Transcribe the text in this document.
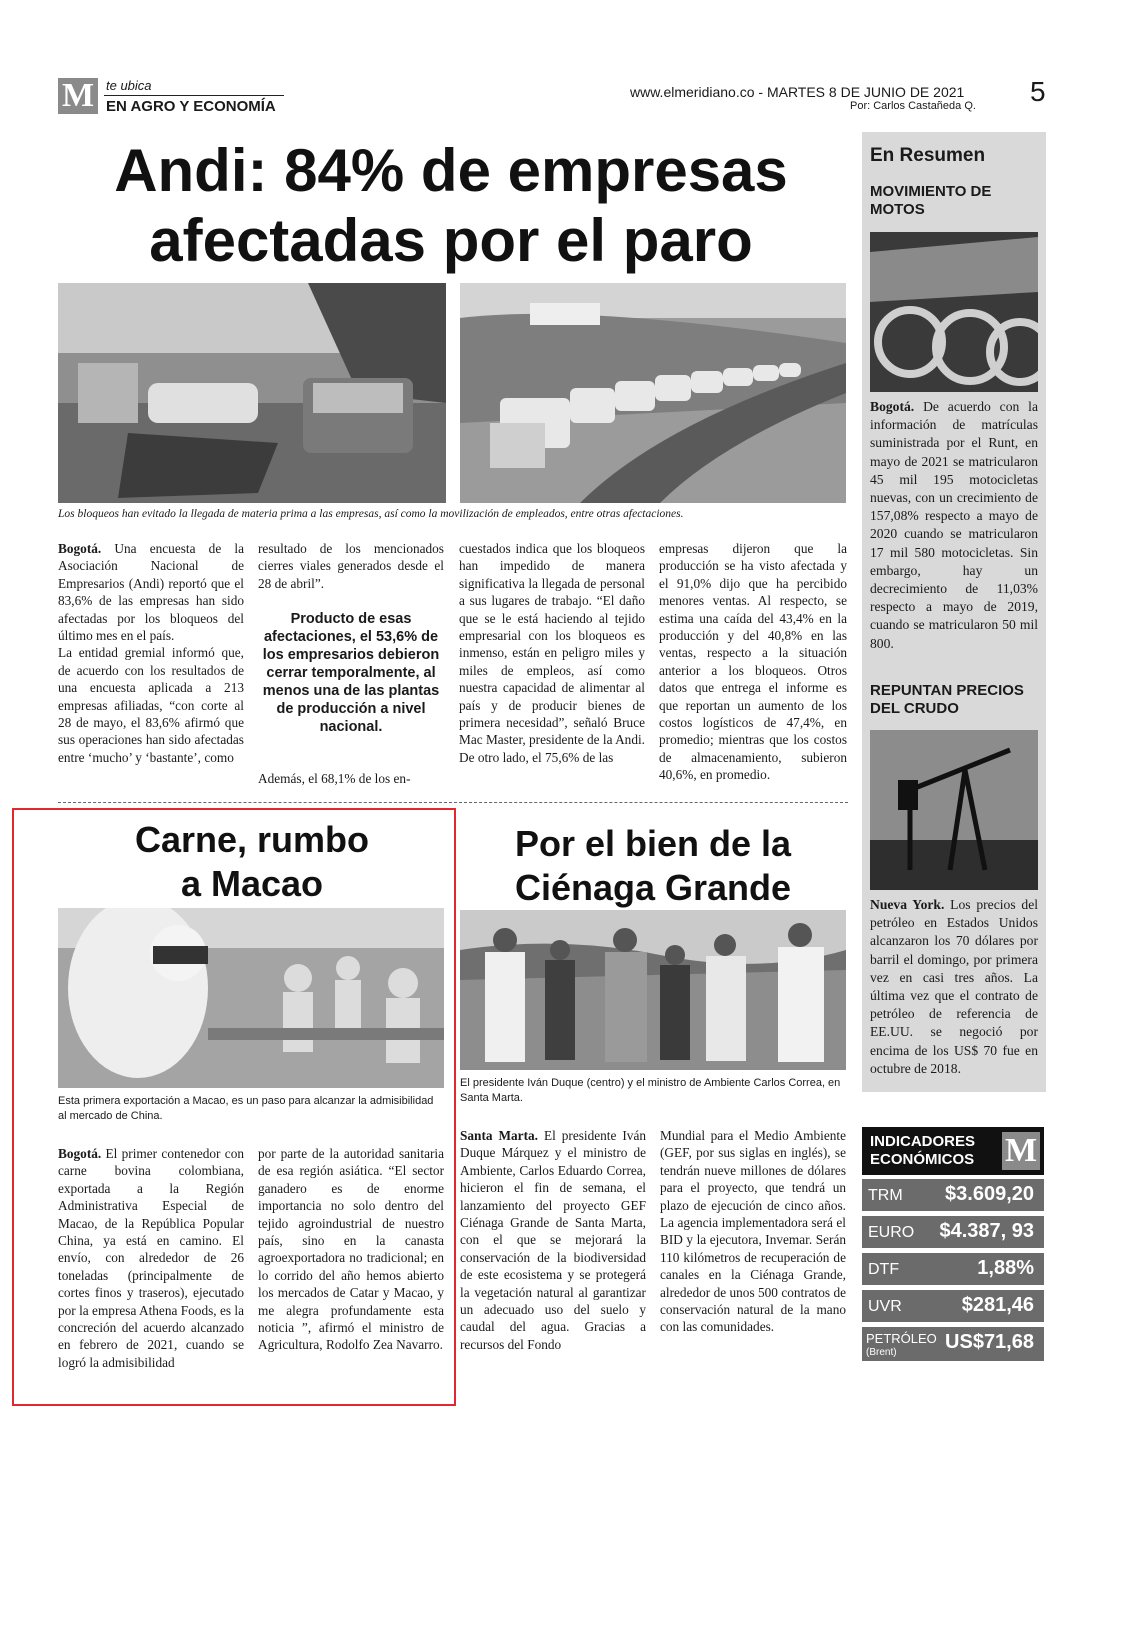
M te ubica
EN AGRO Y ECONOMÍA
www.elmeridiano.co - MARTES 8 DE JUNIO DE 2021
Por: Carlos Castañeda Q. 5
Andi: 84% de empresas
afectadas por el paro
Los bloqueos han evitado la llegada de materia prima a las empresas, así como la movilización de empleados, entre otras afectaciones.

Bogotá. Una encuesta de la Asociación Nacional de Empresarios (Andi) reportó que el 83,6% de las empresas han sido afectadas por los bloqueos del último mes en el país.

La entidad gremial informó que, de acuerdo con los resultados de una encuesta aplicada a 213 empresas afiliadas, “con corte al 28 de mayo, el 83,6% afirmó que sus operaciones han sido afectadas entre ‘mucho’ y ‘bastante’, como

resultado de los mencionados cierres viales generados desde el 28 de abril”.

Producto de esas afectaciones, el 53,6% de los empresarios debieron cerrar temporalmente, al menos una de las plantas de producción a nivel nacional.

Además, el 68,1% de los en-

cuestados indica que los bloqueos han impedido de manera significativa la llegada de personal a sus lugares de trabajo. “El daño que se le está haciendo al tejido empresarial con los bloqueos es inmenso, están en peligro miles y miles de empleos, así como nuestra capacidad de alimentar al país y de producir bienes de primera necesidad”, señaló Bruce Mac Master, presidente de la Andi. De otro lado, el 75,6% de las

empresas dijeron que la producción se ha visto afectada y el 91,0% dijo que ha percibido menores ventas. Al respecto, se estima una caída del 43,4% en la producción y del 40,8% en las ventas, respecto a la situación anterior a los bloqueos. Otros datos que entrega el informe es que reportan un aumento de los costos logísticos de 47,4%, en promedio; mientras que los costos de almacenamiento, subieron 40,6%, en promedio.

Carne, rumbo
a Macao
Esta primera exportación a Macao, es un paso para alcanzar la admisibilidad al mercado de China.

Bogotá. El primer contenedor con carne bovina colombiana, exportada a la Región Administrativa Especial de Macao, de la República Popular China, ya está en camino. El envío, con alrededor de 26 toneladas (principalmente de cortes finos y traseros), ejecutado por la empresa Athena Foods, es la concreción del acuerdo alcanzado en febrero de 2021, cuando se logró la admisibilidad

por parte de la autoridad sanitaria de esa región asiática. “El sector ganadero es de enorme importancia no solo dentro del tejido agroindustrial de nuestro país, sino en la canasta agroexportadora no tradicional; en lo corrido del año hemos abierto los mercados de Catar y Macao, y me alegra profundamente esta noticia ”, afirmó el ministro de Agricultura, Rodolfo Zea Navarro.

Por el bien de la
Ciénaga Grande
El presidente Iván Duque (centro) y el ministro de Ambiente Carlos Correa, en Santa Marta.

Santa Marta. El presidente Iván Duque Márquez y el ministro de Ambiente, Carlos Eduardo Correa, hicieron el fin de semana, el lanzamiento del proyecto GEF Ciénaga Grande de Santa Marta, con el que se mejorará la conservación de la biodiversidad de este ecosistema y se protegerá la vegetación natural al garantizar un adecuado uso del suelo y caudal del agua. Gracias a recursos del Fondo

Mundial para el Medio Ambiente (GEF, por sus siglas en inglés), se tendrán nueve millones de dólares para el proyecto, que tendrá un plazo de ejecución de cinco años. La agencia implementadora será el BID y la ejecutora, Invemar. Serán 110 kilómetros de recuperación de canales en la Ciénaga Grande, alrededor de unos 500 contratos de conservación natural de la mano con las comunidades.

En Resumen
MOVIMIENTO DE MOTOS
Bogotá. De acuerdo con la información de matrículas suministrada por el Runt, en mayo de 2021 se matricularon 45 mil 195 motocicletas nuevas, con un crecimiento de 157,08% respecto a mayo de 2020 cuando se matricularon 17 mil 580 motocicletas. Sin embargo, hay un decrecimiento de 11,03% respecto a mayo de 2019, cuando se matricularon 50 mil 800.
REPUNTAN PRECIOS DEL CRUDO
Nueva York. Los precios del petróleo en Estados Unidos alcanzaron los 70 dólares por barril el domingo, por primera vez en casi tres años. La última vez que el contrato de petróleo de referencia de EE.UU. se negoció por encima de los US$ 70 fue en octubre de 2018.
INDICADORES
ECONÓMICOS M
TRM $3.609,20
EURO $4.387, 93
DTF	1,88%
UVR	$281,46
PETRÓLEO
(Brent) US$71,68
